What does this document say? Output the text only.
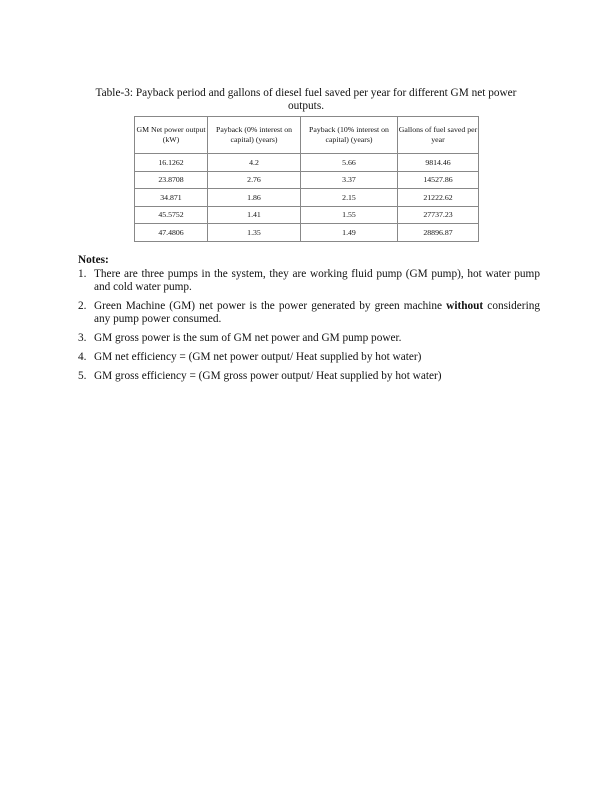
Table-3: Payback period and gallons of diesel fuel saved per year for different GM net power outputs.
GM Net power output (kW)	Payback (0% interest on capital) (years)	Payback (10% interest on capital) (years)	Gallons of fuel saved per year
16.1262	4.2	5.66	9814.46
23.8708	2.76	3.37	14527.86
34.871	1.86	2.15	21222.62
45.5752	1.41	1.55	27737.23
47.4806	1.35	1.49	28896.87
Notes:
1. There are three pumps in the system, they are working fluid pump (GM pump), hot water pump and cold water pump.
2. Green Machine (GM) net power is the power generated by green machine without considering any pump power consumed.
3. GM gross power is the sum of GM net power and GM pump power.
4. GM net efficiency = (GM net power output/ Heat supplied by hot water)
5. GM gross efficiency = (GM gross power output/ Heat supplied by hot water)
